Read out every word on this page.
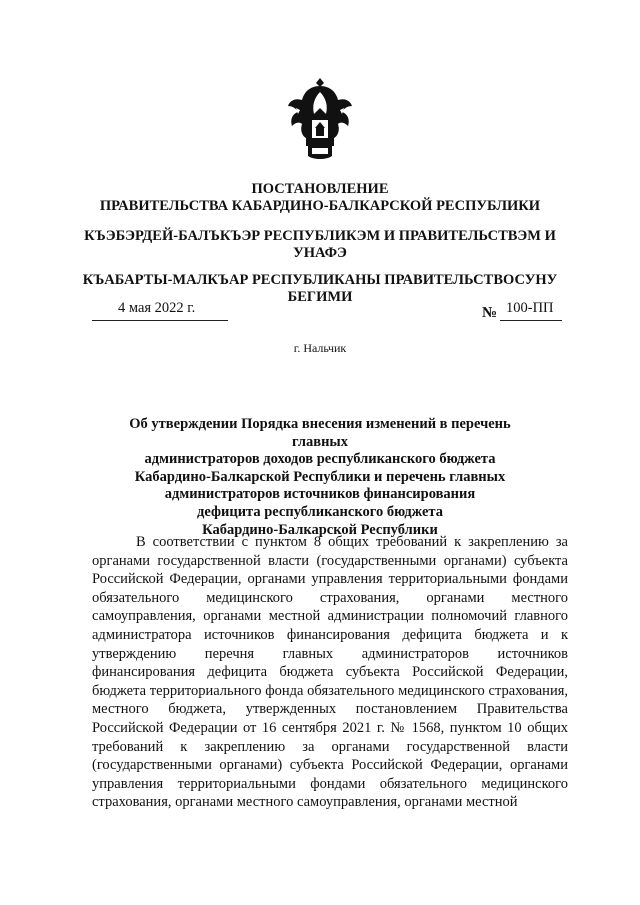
ПОСТАНОВЛЕНИЕ
ПРАВИТЕЛЬСТВА КАБАРДИНО-БАЛКАРСКОЙ РЕСПУБЛИКИ
КЪЭБЭРДЕЙ-БАЛЪКЪЭР РЕСПУБЛИКЭМ И ПРАВИТЕЛЬСТВЭМ И
УНАФЭ
КЪАБАРТЫ-МАЛКЪАР РЕСПУБЛИКАНЫ ПРАВИТЕЛЬСТВОСУНУ
БЕГИМИ
4 мая 2022 г.	№ 100-ПП
г. Нальчик
Об утверждении Порядка внесения изменений в перечень главных
администраторов доходов республиканского бюджета
Кабардино-Балкарской Республики и перечень главных
администраторов источников финансирования
дефицита республиканского бюджета
Кабардино-Балкарской Республики
В соответствии с пунктом 8 общих требований к закреплению за органами государственной власти (государственными органами) субъекта Российской Федерации, органами управления территориальными фондами обязательного медицинского страхования, органами местного самоуправления, органами местной администрации полномочий главного администратора источников финансирования дефицита бюджета и к утверждению перечня главных администраторов источников финансирования дефицита бюджета субъекта Российской Федерации, бюджета территориального фонда обязательного медицинского страхования, местного бюджета, утвержденных постановлением Правительства Российской Федерации от 16 сентября 2021 г. № 1568, пунктом 10 общих требований к закреплению за органами государственной власти (государственными органами) субъекта Российской Федерации, органами управления территориальными фондами обязательного медицинского страхования, органами местного самоуправления, органами местной
